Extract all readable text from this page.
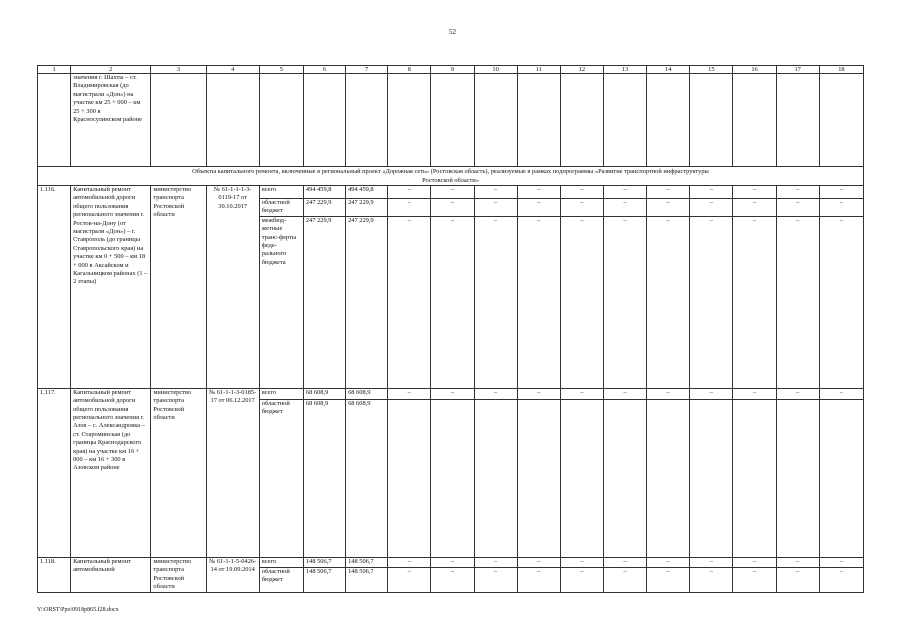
52
1	2	3	4	5	6	7	8	9	10	11	12	13	14	15	16	17	18
	значения г. Шахты – ст. Владимировская (до магистрали «Дон») на участке км 25 + 000 – км 25 + 300 в Красносулинском районе																
Объекты капитального ремонта, включенные в региональный проект «Дорожная сеть» (Ростовская область), реализуемые в рамках подпрограммы «Развитие транспортной инфраструктуры Ростовской области»																	
1.116.	Капитальный ремонт автомобильной дороги общего пользования регионального значения г. Ростов-на-Дону (от магистрали «Дон») – г. Ставрополь (до границы Ставропольского края) на участке км 0 + 500 – км 18 + 000 в Аксайском и Кагальницком районах (1 – 2 этапы)	министерство транспорта Ростовской области	№ 61-1-1-1-3-0119-17 от 30.10.2017	всего	494 459,8	494 459,8	–	–	–	–	–	–	–	–	–	–	–
				областной бюджет	247 229,9	247 229,9	–	–	–	–	–	–	–	–	–	–	–
				межбюд-жетные транс-ферты феде-рального бюджета	247 229,9	247 229,9	–	–	–	–	–	–	–	–	–	–	–
1.117.	Капитальный ремонт автомобильной дороги общего пользования регионального значения г. Азов – с. Александровка – ст. Староминская (до границы Краснодарского края) на участке км 16 + 000 – км 16 + 300 в Азовском районе	министерство транспорта Ростовской области	№ 61-1-1-3-0185-17 от 06.12.2017	всего	68 608,9	68 608,9	–	–	–	–	–	–	–	–	–	–	–
				областной бюджет	68 608,9	68 608,9											
1.118.	Капитальный ремонт автомобильной	министерство транспорта Ростовской области	№ 61-1-1-5-0426-14 от 19.09.2014	всего	148 506,7	148 506,7	–	–	–	–	–	–	–	–	–	–	–
				областной бюджет	148 506,7	148 506,7	–	–	–	–	–	–	–	–	–	–	–
Y:\ORST\Ppo\0918p865.f28.docx
